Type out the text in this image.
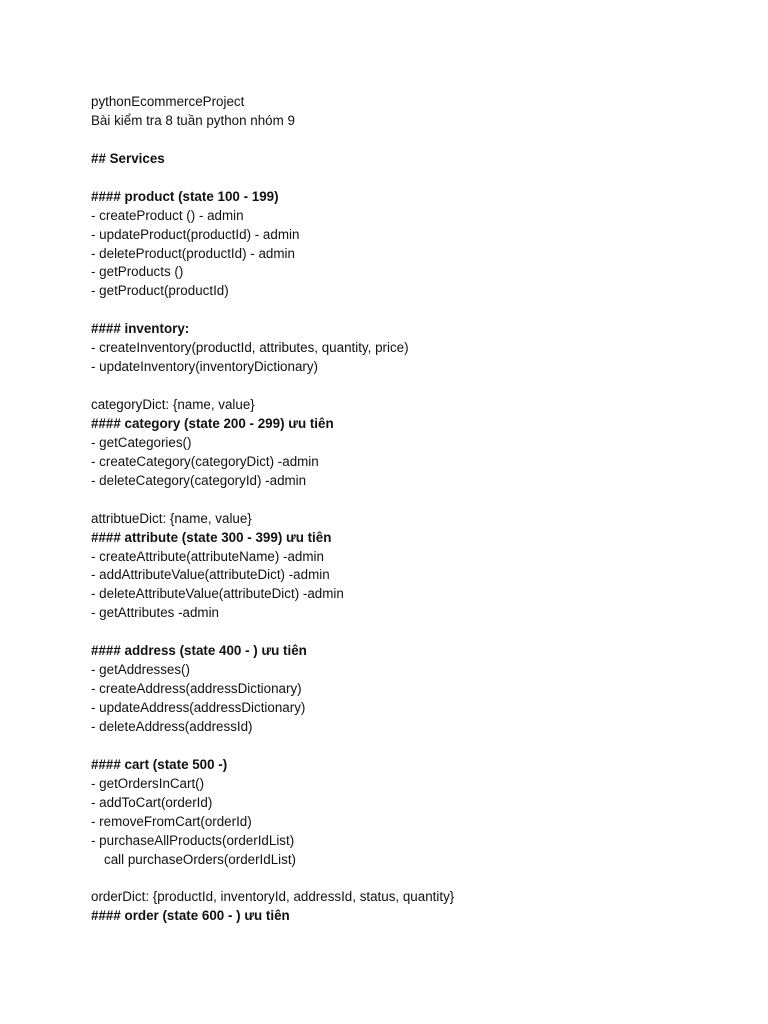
pythonEcommerceProject
Bài kiểm tra 8 tuần python nhóm 9
## Services
#### product (state 100 - 199)
- createProduct () - admin
- updateProduct(productId) - admin
- deleteProduct(productId) - admin
- getProducts ()
- getProduct(productId)
#### inventory:
- createInventory(productId, attributes, quantity, price)
- updateInventory(inventoryDictionary)
categoryDict: {name, value}
#### category (state 200 - 299) ưu tiên
- getCategories()
- createCategory(categoryDict) -admin
- deleteCategory(categoryId) -admin
attribtueDict: {name, value}
#### attribute (state 300 - 399) ưu tiên
- createAttribute(attributeName) -admin
- addAttributeValue(attributeDict) -admin
- deleteAttributeValue(attributeDict) -admin
- getAttributes -admin
#### address (state 400 - ) ưu tiên
- getAddresses()
- createAddress(addressDictionary)
- updateAddress(addressDictionary)
- deleteAddress(addressId)
#### cart (state 500 -)
- getOrdersInCart()
- addToCart(orderId)
- removeFromCart(orderId)
- purchaseAllProducts(orderIdList)
call purchaseOrders(orderIdList)
orderDict: {productId, inventoryId, addressId, status, quantity}
#### order (state 600 - ) ưu tiên
